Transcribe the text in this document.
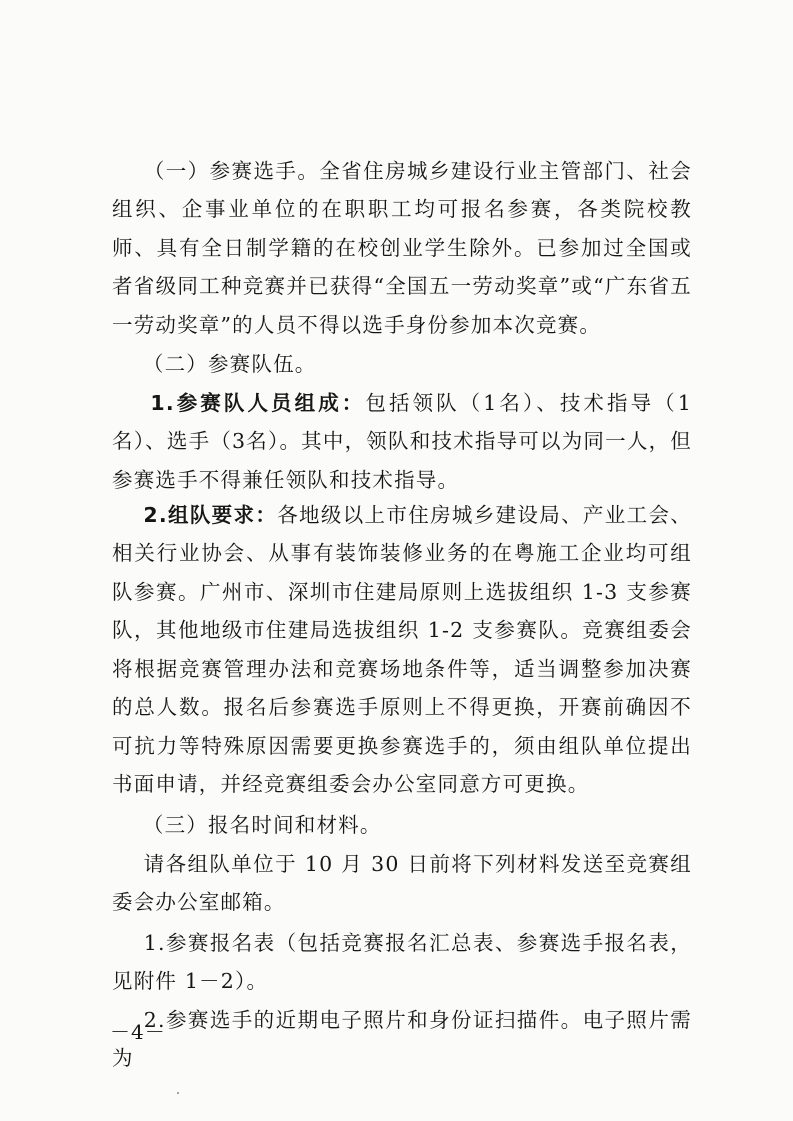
（一）参赛选手。全省住房城乡建设行业主管部门、社会组织、企事业单位的在职职工均可报名参赛，各类院校教师、具有全日制学籍的在校创业学生除外。已参加过全国或者省级同工种竞赛并已获得“全国五一劳动奖章”或“广东省五一劳动奖章”的人员不得以选手身份参加本次竞赛。

（二）参赛队伍。

1.参赛队人员组成：包括领队（1名）、技术指导（1名）、选手（3名）。其中，领队和技术指导可以为同一人，但参赛选手不得兼任领队和技术指导。

2.组队要求：各地级以上市住房城乡建设局、产业工会、相关行业协会、从事有装饰装修业务的在粤施工企业均可组队参赛。广州市、深圳市住建局原则上选拔组织 1-3 支参赛队，其他地级市住建局选拔组织 1-2 支参赛队。竞赛组委会将根据竞赛管理办法和竞赛场地条件等，适当调整参加决赛的总人数。报名后参赛选手原则上不得更换，开赛前确因不可抗力等特殊原因需要更换参赛选手的，须由组队单位提出书面申请，并经竞赛组委会办公室同意方可更换。

（三）报名时间和材料。

请各组队单位于 10 月 30 日前将下列材料发送至竞赛组委会办公室邮箱。

1.参赛报名表（包括竞赛报名汇总表、参赛选手报名表，见附件 1－2）。

2.参赛选手的近期电子照片和身份证扫描件。电子照片需为

－4－
